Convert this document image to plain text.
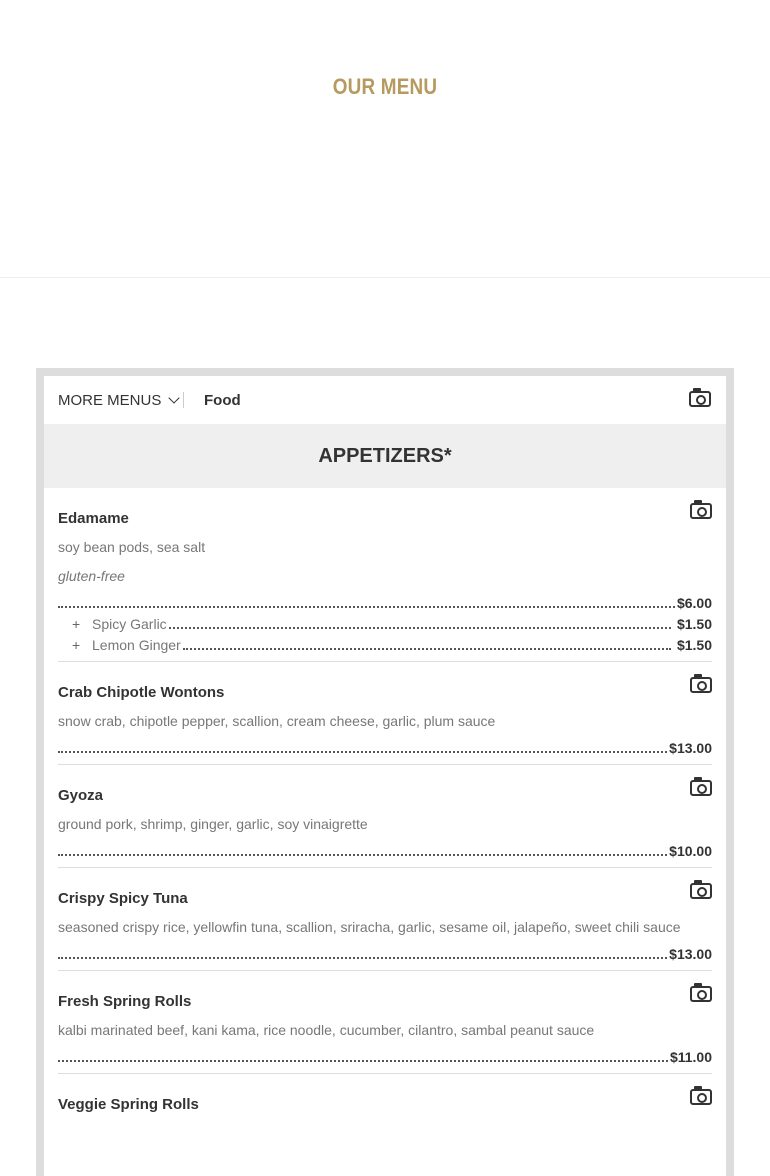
OUR MENU
MORE MENUS	Food
APPETIZERS*
Edamame
soy bean pods, sea salt
gluten-free
$6.00
+ Spicy Garlic	$1.50
+ Lemon Ginger	$1.50
Crab Chipotle Wontons
snow crab, chipotle pepper, scallion, cream cheese, garlic, plum sauce
$13.00
Gyoza
ground pork, shrimp, ginger, garlic, soy vinaigrette
$10.00
Crispy Spicy Tuna
seasoned crispy rice, yellowfin tuna, scallion, sriracha, garlic, sesame oil, jalapeño, sweet chili sauce
$13.00
Fresh Spring Rolls
kalbi marinated beef, kani kama, rice noodle, cucumber, cilantro, sambal peanut sauce
$11.00
Veggie Spring Rolls
